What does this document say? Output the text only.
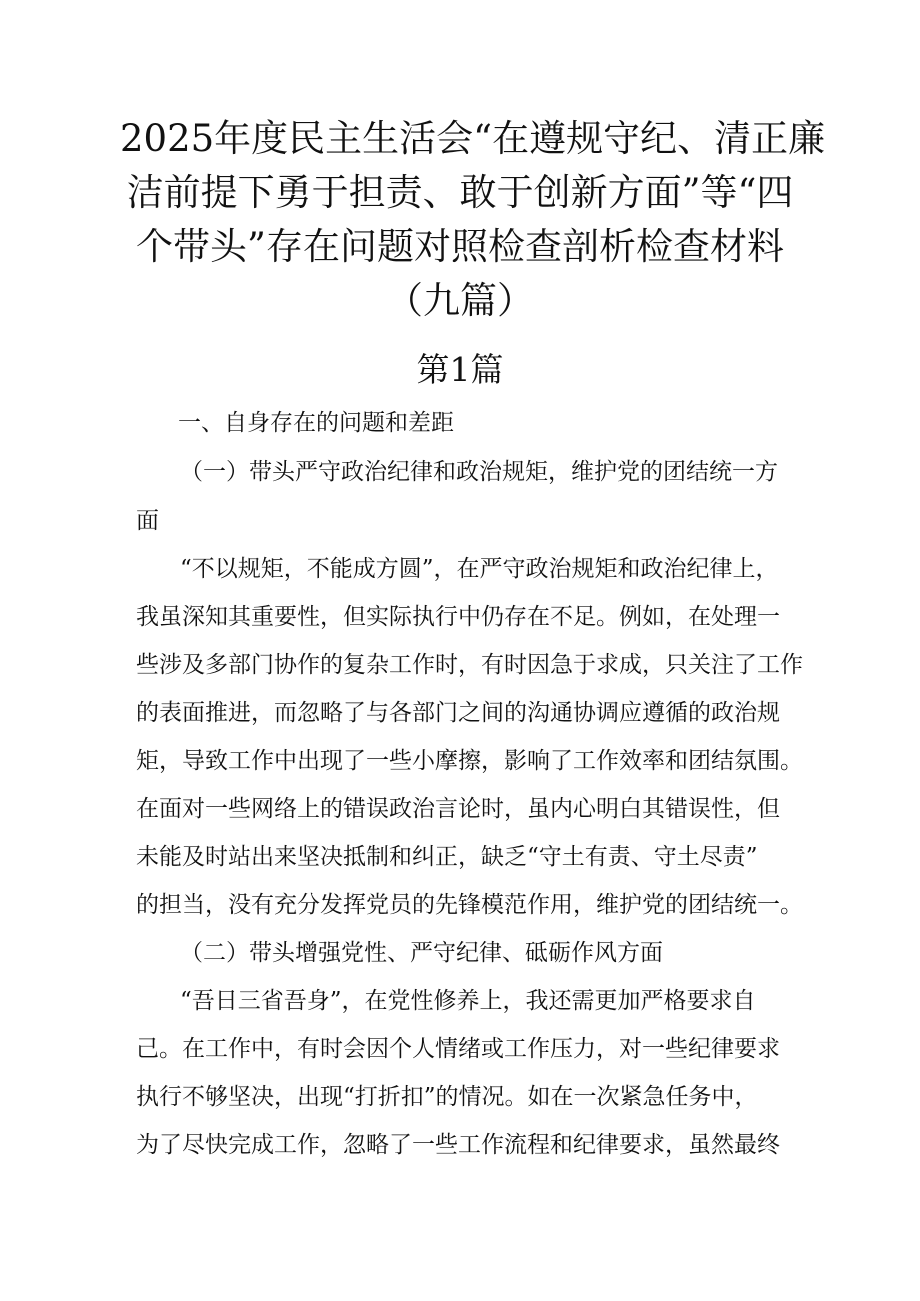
2025年度民主生活会“在遵规守纪、清正廉
洁前提下勇于担责、敢于创新方面”等“四
个带头”存在问题对照检查剖析检查材料
（九篇）
第1篇
一、自身存在的问题和差距
（一）带头严守政治纪律和政治规矩，维护党的团结统一方
面
“不以规矩，不能成方圆”，在严守政治规矩和政治纪律上，
我虽深知其重要性，但实际执行中仍存在不足。例如，在处理一
些涉及多部门协作的复杂工作时，有时因急于求成，只关注了工作
的表面推进，而忽略了与各部门之间的沟通协调应遵循的政治规
矩，导致工作中出现了一些小摩擦，影响了工作效率和团结氛围。
在面对一些网络上的错误政治言论时，虽内心明白其错误性，但
未能及时站出来坚决抵制和纠正，缺乏“守土有责、守土尽责”
的担当，没有充分发挥党员的先锋模范作用，维护党的团结统一。
（二）带头增强党性、严守纪律、砥砺作风方面
“吾日三省吾身”，在党性修养上，我还需更加严格要求自
己。在工作中，有时会因个人情绪或工作压力，对一些纪律要求
执行不够坚决，出现“打折扣”的情况。如在一次紧急任务中，
为了尽快完成工作，忽略了一些工作流程和纪律要求，虽然最终
